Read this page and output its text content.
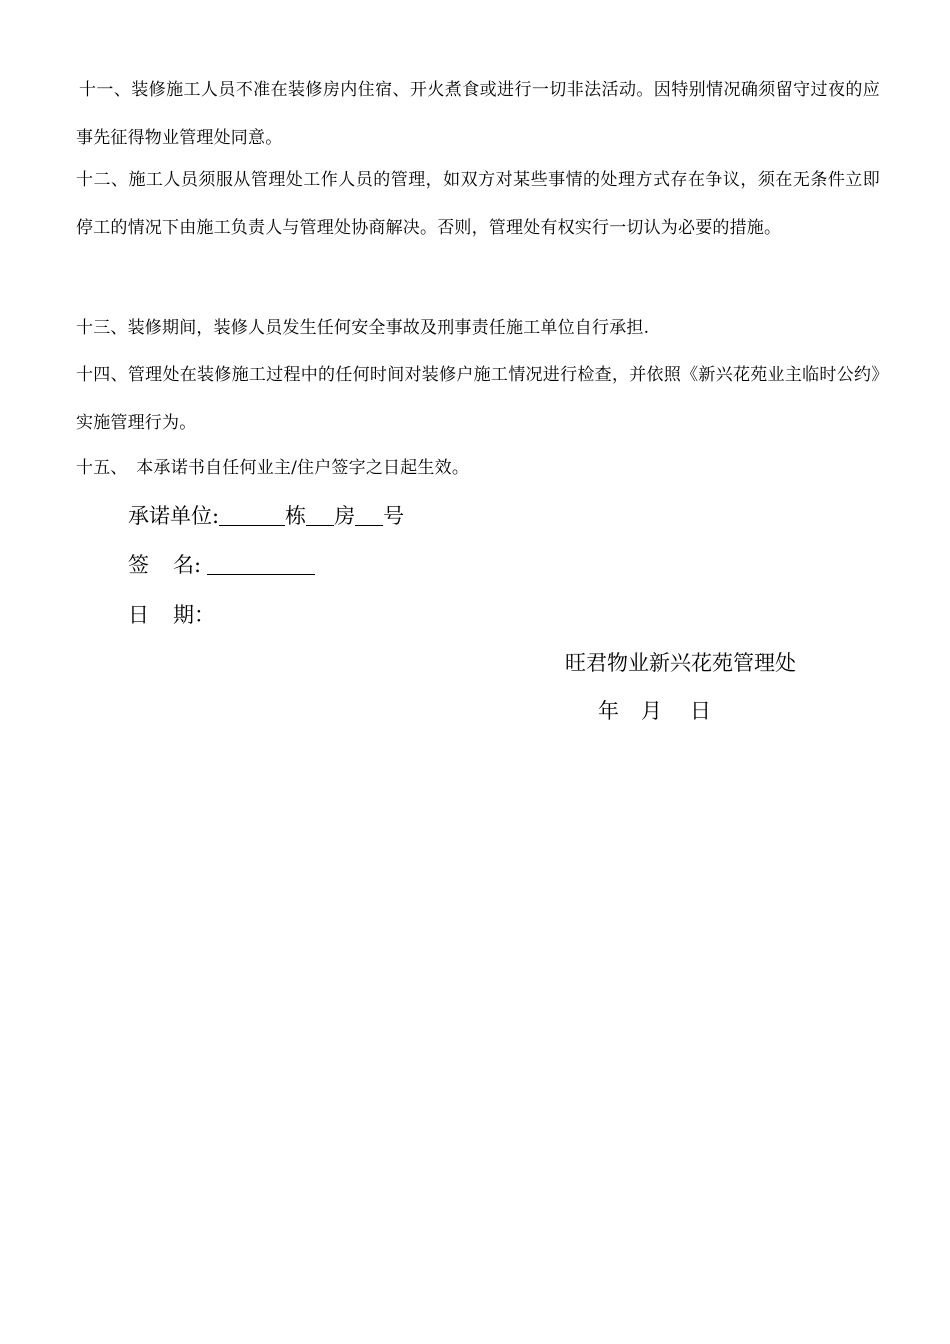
十一、装修施工人员不准在装修房内住宿、开火煮食或进行一切非法活动。因特别情况确须留守过夜的应事先征得物业管理处同意。

十二、施工人员须服从管理处工作人员的管理，如双方对某些事情的处理方式存在争议，须在无条件立即停工的情况下由施工负责人与管理处协商解决。否则，管理处有权实行一切认为必要的措施。

十三、装修期间，装修人员发生任何安全事故及刑事责任施工单位自行承担.

十四、管理处在装修施工过程中的任何时间对装修户施工情况进行检查，并依照《新兴花苑业主临时公约》实施管理行为。

十五、　本承诺书自任何业主/住户签字之日起生效。

承诺单位:	栋 房 号
签 名:
日 期：
旺君物业新兴花苑管理处
年 月 日
